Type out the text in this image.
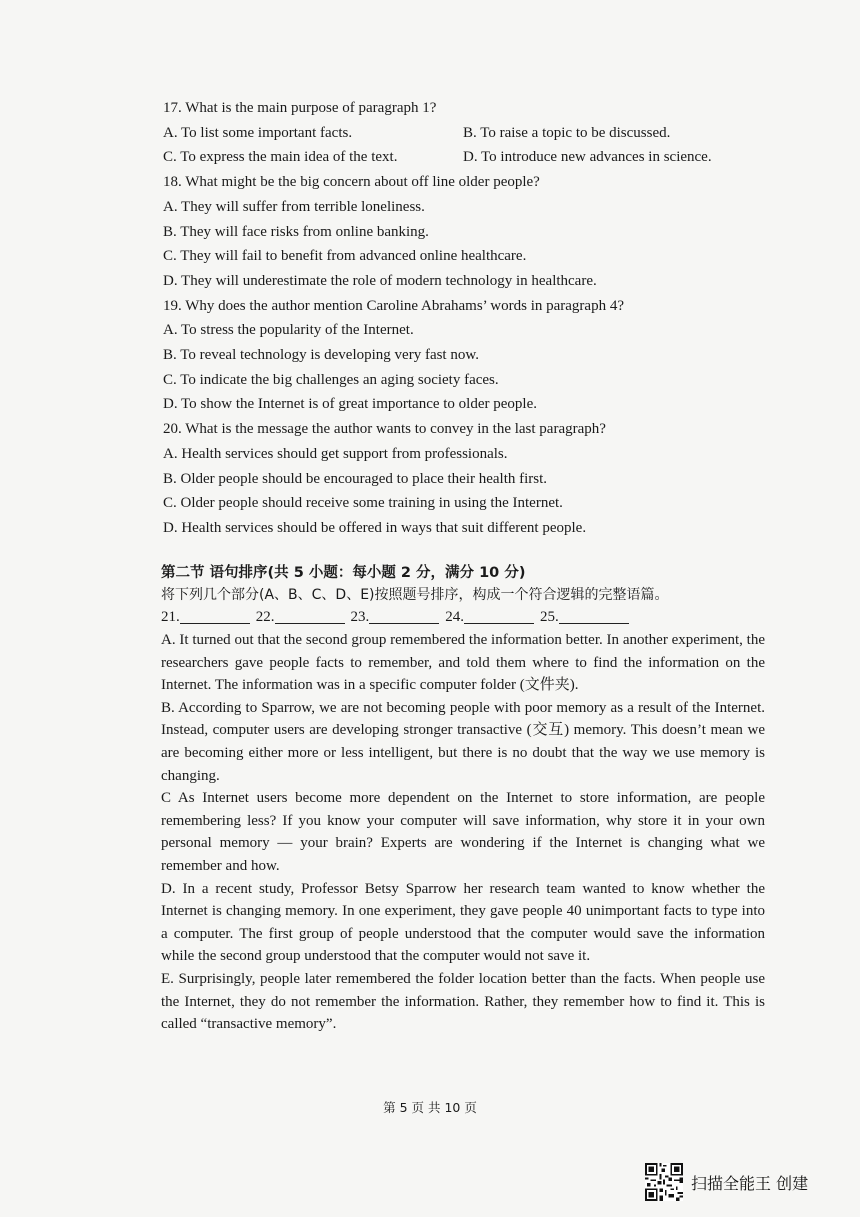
17. What is the main purpose of paragraph 1?
A. To list some important facts.	B. To raise a topic to be discussed.
C. To express the main idea of the text.	D. To introduce new advances in science.
18. What might be the big concern about off line older people?
A. They will suffer from terrible loneliness.
B. They will face risks from online banking.
C. They will fail to benefit from advanced online healthcare.
D. They will underestimate the role of modern technology in healthcare.
19. Why does the author mention Caroline Abrahams’ words in paragraph 4?
A. To stress the popularity of the Internet.
B. To reveal technology is developing very fast now.
C. To indicate the big challenges an aging society faces.
D. To show the Internet is of great importance to older people.
20. What is the message the author wants to convey in the last paragraph?
A. Health services should get support from professionals.
B. Older people should be encouraged to place their health first.
C. Older people should receive some training in using the Internet.
D. Health services should be offered in ways that suit different people.
第二节 语句排序(共 5 小题：每小题 2 分，满分 10 分)
将下列几个部分(A、B、C、D、E)按照题号排序，构成一个符合逻辑的完整语篇。
21.	22.	23.	24.	25.

A. It turned out that the second group remembered the information better. In another experiment, the researchers gave people facts to remember, and told them where to find the information on the Internet. The information was in a specific computer folder (文件夹).

B. According to Sparrow, we are not becoming people with poor memory as a result of the Internet. Instead, computer users are developing stronger transactive (交互) memory. This doesn’t mean we are becoming either more or less intelligent, but there is no doubt that the way we use memory is changing.

C As Internet users become more dependent on the Internet to store information, are people remembering less? If you know your computer will save information, why store it in your own personal memory — your brain? Experts are wondering if the Internet is changing what we remember and how.

D. In a recent study, Professor Betsy Sparrow her research team wanted to know whether the Internet is changing memory. In one experiment, they gave people 40 unimportant facts to type into a computer. The first group of people understood that the computer would save the information while the second group understood that the computer would not save it.

E. Surprisingly, people later remembered the folder location better than the facts. When people use the Internet, they do not remember the information. Rather, they remember how to find it. This is called “transactive memory”.

第 5 页 共 10 页
扫描全能王 创建
